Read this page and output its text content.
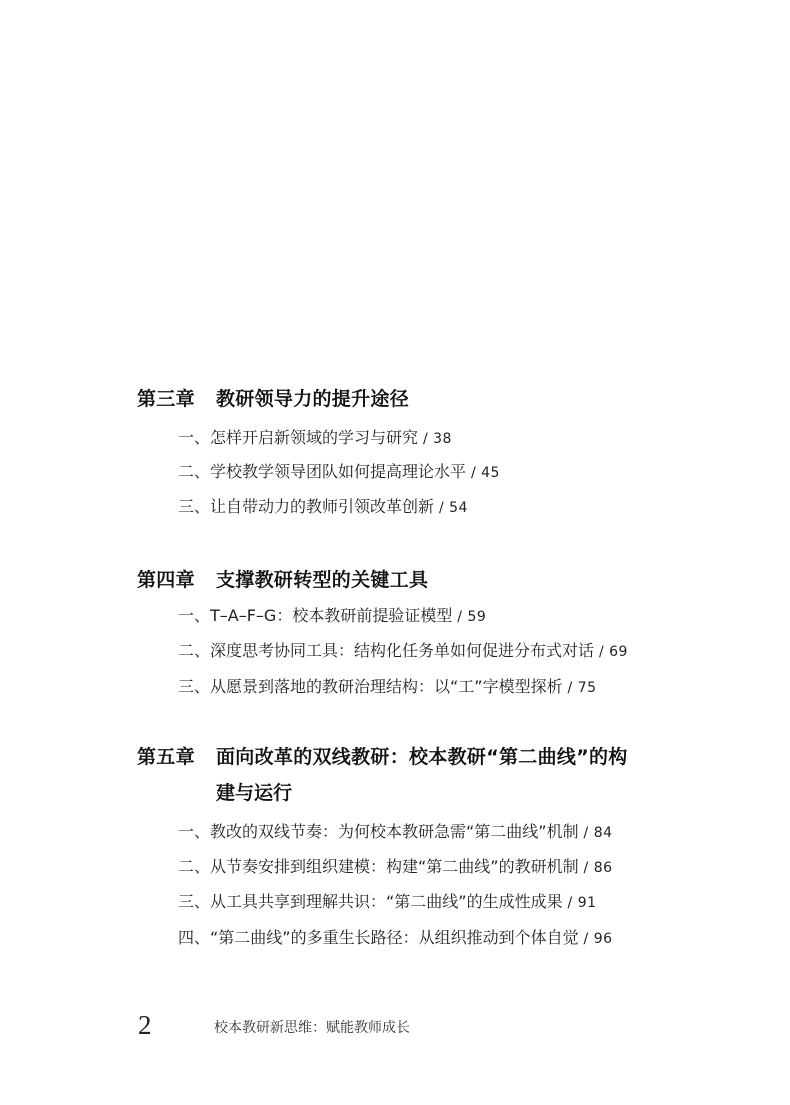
第三章 教研领导力的提升途径
一、怎样开启新领域的学习与研究 / 38
二、学校教学领导团队如何提高理论水平 / 45
三、让自带动力的教师引领改革创新 / 54
第四章 支撑教研转型的关键工具
一、T–A–F–G：校本教研前提验证模型 / 59
二、深度思考协同工具：结构化任务单如何促进分布式对话 / 69
三、从愿景到落地的教研治理结构：以“工”字模型探析 / 75
第五章 面向改革的双线教研：校本教研“第二曲线”的构
建与运行
一、教改的双线节奏：为何校本教研急需“第二曲线”机制 / 84
二、从节奏安排到组织建模：构建“第二曲线”的教研机制 / 86
三、从工具共享到理解共识：“第二曲线”的生成性成果 / 91
四、“第二曲线”的多重生长路径：从组织推动到个体自觉 / 96
2	校本教研新思维：赋能教师成长
